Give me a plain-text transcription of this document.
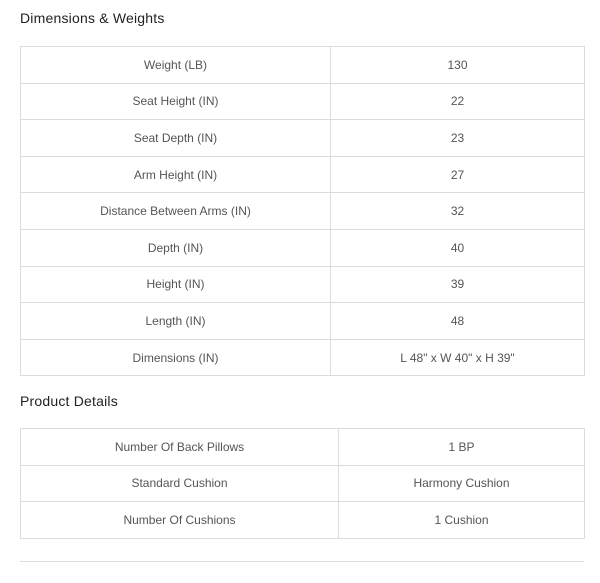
Dimensions & Weights
Weight (LB)	130
Seat Height (IN)	22
Seat Depth (IN)	23
Arm Height (IN)	27
Distance Between Arms (IN)	32
Depth (IN)	40
Height (IN)	39
Length (IN)	48
Dimensions (IN)	L 48" x W 40" x H 39"
Product Details
Number Of Back Pillows	1 BP
Standard Cushion	Harmony Cushion
Number Of Cushions	1 Cushion
